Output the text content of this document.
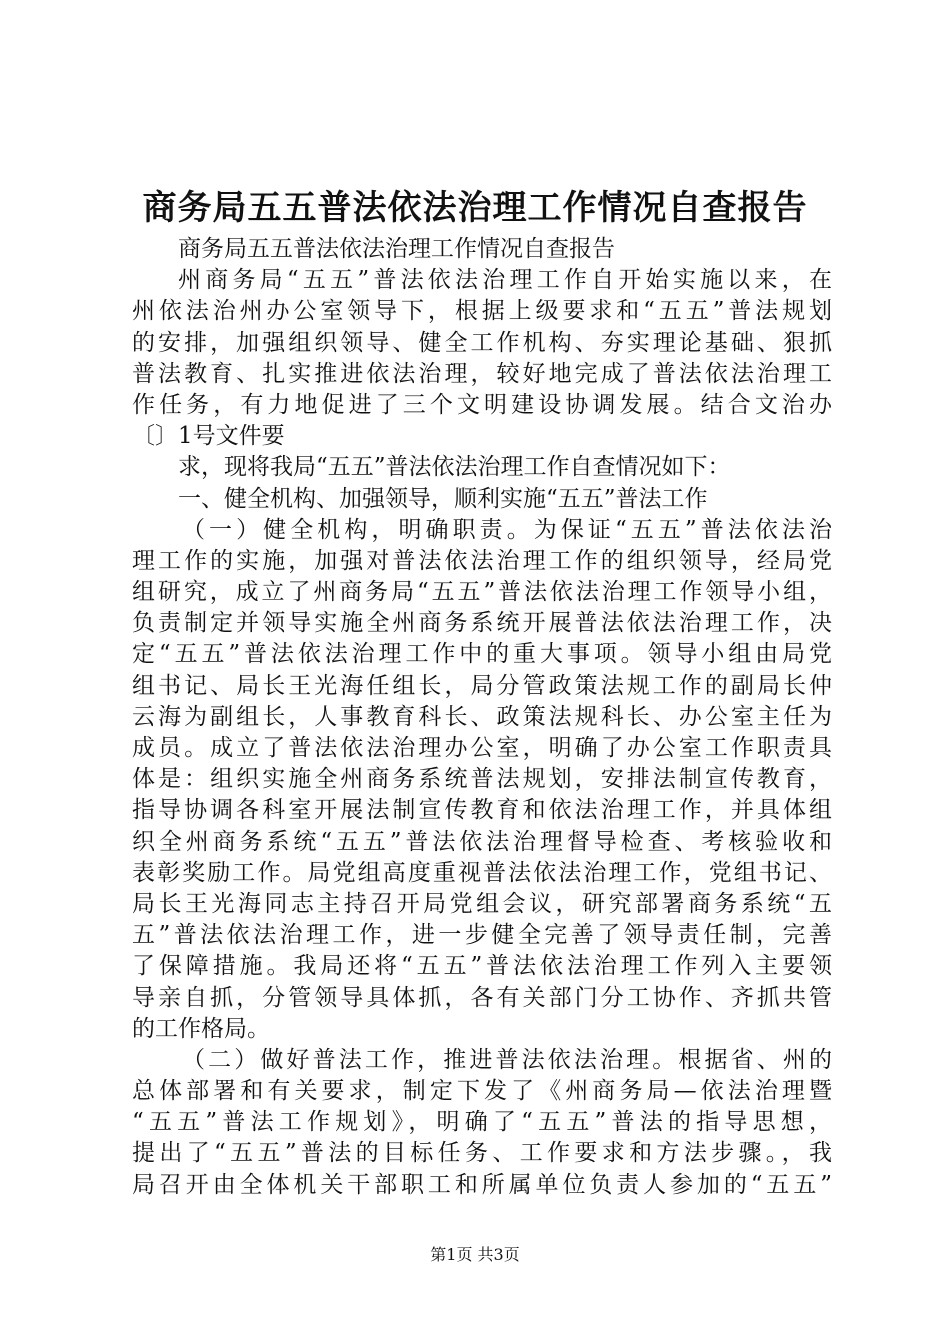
商务局五五普法依法治理工作情况自查报告
商务局五五普法依法治理工作情况自查报告
州商务局“五五”普法依法治理工作自开始实施以来，在
州依法治州办公室领导下，根据上级要求和“五五”普法规划
的安排，加强组织领导、健全工作机构、夯实理论基础、狠抓
普法教育、扎实推进依法治理，较好地完成了普法依法治理工
作任务，有力地促进了三个文明建设协调发展。结合文治办
〔〕1号文件要
求，现将我局“五五”普法依法治理工作自查情况如下：
一、健全机构、加强领导，顺利实施“五五”普法工作
（一）健全机构，明确职责。为保证“五五”普法依法治
理工作的实施，加强对普法依法治理工作的组织领导，经局党
组研究，成立了州商务局“五五”普法依法治理工作领导小组，
负责制定并领导实施全州商务系统开展普法依法治理工作，决
定“五五”普法依法治理工作中的重大事项。领导小组由局党
组书记、局长王光海任组长，局分管政策法规工作的副局长仲
云海为副组长，人事教育科长、政策法规科长、办公室主任为
成员。成立了普法依法治理办公室，明确了办公室工作职责具
体是：组织实施全州商务系统普法规划，安排法制宣传教育，
指导协调各科室开展法制宣传教育和依法治理工作，并具体组
织全州商务系统“五五”普法依法治理督导检查、考核验收和
表彰奖励工作。局党组高度重视普法依法治理工作，党组书记、
局长王光海同志主持召开局党组会议，研究部署商务系统“五
五”普法依法治理工作，进一步健全完善了领导责任制，完善
了保障措施。我局还将“五五”普法依法治理工作列入主要领
导亲自抓，分管领导具体抓，各有关部门分工协作、齐抓共管
的工作格局。
（二）做好普法工作，推进普法依法治理。根据省、州的
总体部署和有关要求，制定下发了《州商务局—依法治理暨
“五五”普法工作规划》，明确了“五五”普法的指导思想，
提出了“五五”普法的目标任务、工作要求和方法步骤。，我
局召开由全体机关干部职工和所属单位负责人参加的“五五”
第1页 共3页
